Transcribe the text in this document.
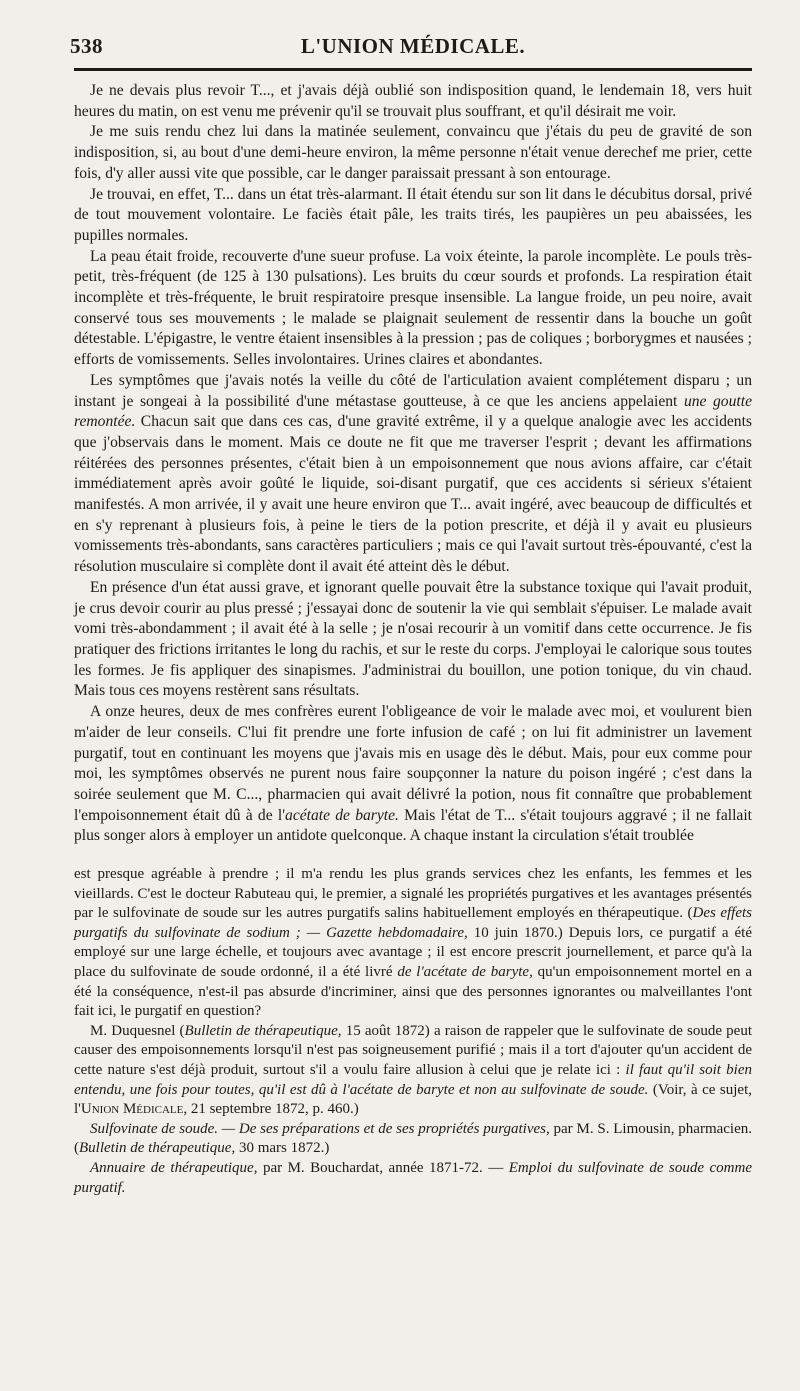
538	L'UNION MÉDICALE.

Je ne devais plus revoir T..., et j'avais déjà oublié son indisposition quand, le lendemain 18, vers huit heures du matin, on est venu me prévenir qu'il se trouvait plus souffrant, et qu'il désirait me voir.

Je me suis rendu chez lui dans la matinée seulement, convaincu que j'étais du peu de gravité de son indisposition, si, au bout d'une demi-heure environ, la même personne n'était venue derechef me prier, cette fois, d'y aller aussi vite que possible, car le danger paraissait pressant à son entourage.

Je trouvai, en effet, T... dans un état très-alarmant. Il était étendu sur son lit dans le décubitus dorsal, privé de tout mouvement volontaire. Le faciès était pâle, les traits tirés, les paupières un peu abaissées, les pupilles normales.

La peau était froide, recouverte d'une sueur profuse. La voix éteinte, la parole incomplète. Le pouls très-petit, très-fréquent (de 125 à 130 pulsations). Les bruits du cœur sourds et profonds. La respiration était incomplète et très-fréquente, le bruit respiratoire presque insensible. La langue froide, un peu noire, avait conservé tous ses mouvements ; le malade se plaignait seulement de ressentir dans la bouche un goût détestable. L'épigastre, le ventre étaient insensibles à la pression ; pas de coliques ; borborygmes et nausées ; efforts de vomissements. Selles involontaires. Urines claires et abondantes.

Les symptômes que j'avais notés la veille du côté de l'articulation avaient complétement disparu ; un instant je songeai à la possibilité d'une métastase goutteuse, à ce que les anciens appelaient une goutte remontée. Chacun sait que dans ces cas, d'une gravité extrême, il y a quelque analogie avec les accidents que j'observais dans le moment. Mais ce doute ne fit que me traverser l'esprit ; devant les affirmations réitérées des personnes présentes, c'était bien à un empoisonnement que nous avions affaire, car c'était immédiatement après avoir goûté le liquide, soi-disant purgatif, que ces accidents si sérieux s'étaient manifestés. A mon arrivée, il y avait une heure environ que T... avait ingéré, avec beaucoup de difficultés et en s'y reprenant à plusieurs fois, à peine le tiers de la potion prescrite, et déjà il y avait eu plusieurs vomissements très-abondants, sans caractères particuliers ; mais ce qui l'avait surtout très-épouvanté, c'est la résolution musculaire si complète dont il avait été atteint dès le début.

En présence d'un état aussi grave, et ignorant quelle pouvait être la substance toxique qui l'avait produit, je crus devoir courir au plus pressé ; j'essayai donc de soutenir la vie qui semblait s'épuiser. Le malade avait vomi très-abondamment ; il avait été à la selle ; je n'osai recourir à un vomitif dans cette occurrence. Je fis pratiquer des frictions irritantes le long du rachis, et sur le reste du corps. J'employai le calorique sous toutes les formes. Je fis appliquer des sinapismes. J'administrai du bouillon, une potion tonique, du vin chaud. Mais tous ces moyens restèrent sans résultats.

A onze heures, deux de mes confrères eurent l'obligeance de voir le malade avec moi, et voulurent bien m'aider de leur conseils. C'lui fit prendre une forte infusion de café ; on lui fit administrer un lavement purgatif, tout en continuant les moyens que j'avais mis en usage dès le début. Mais, pour eux comme pour moi, les symptômes observés ne purent nous faire soupçonner la nature du poison ingéré ; c'est dans la soirée seulement que M. C..., pharmacien qui avait délivré la potion, nous fit connaître que probablement l'empoisonnement était dû à de l'acétate de baryte. Mais l'état de T... s'était toujours aggravé ; il ne fallait plus songer alors à employer un antidote quelconque. A chaque instant la circulation s'était troublée

est presque agréable à prendre ; il m'a rendu les plus grands services chez les enfants, les femmes et les vieillards. C'est le docteur Rabuteau qui, le premier, a signalé les propriétés purgatives et les avantages présentés par le sulfovinate de soude sur les autres purgatifs salins habituellement employés en thérapeutique. (Des effets purgatifs du sulfovinate de sodium ; — Gazette hebdomadaire, 10 juin 1870.) Depuis lors, ce purgatif a été employé sur une large échelle, et toujours avec avantage ; il est encore prescrit journellement, et parce qu'à la place du sulfovinate de soude ordonné, il a été livré de l'acétate de baryte, qu'un empoisonnement mortel en a été la conséquence, n'est-il pas absurde d'incriminer, ainsi que des personnes ignorantes ou malveillantes l'ont fait ici, le purgatif en question?

M. Duquesnel (Bulletin de thérapeutique, 15 août 1872) a raison de rappeler que le sulfovinate de soude peut causer des empoisonnements lorsqu'il n'est pas soigneusement purifié ; mais il a tort d'ajouter qu'un accident de cette nature s'est déjà produit, surtout s'il a voulu faire allusion à celui que je relate ici : il faut qu'il soit bien entendu, une fois pour toutes, qu'il est dû à l'acétate de baryte et non au sulfovinate de soude. (Voir, à ce sujet, l'Union Médicale, 21 septembre 1872, p. 460.)

Sulfovinate de soude. — De ses préparations et de ses propriétés purgatives, par M. S. Limousin, pharmacien. (Bulletin de thérapeutique, 30 mars 1872.)

Annuaire de thérapeutique, par M. Bouchardat, année 1871-72. — Emploi du sulfovinate de soude comme purgatif.
